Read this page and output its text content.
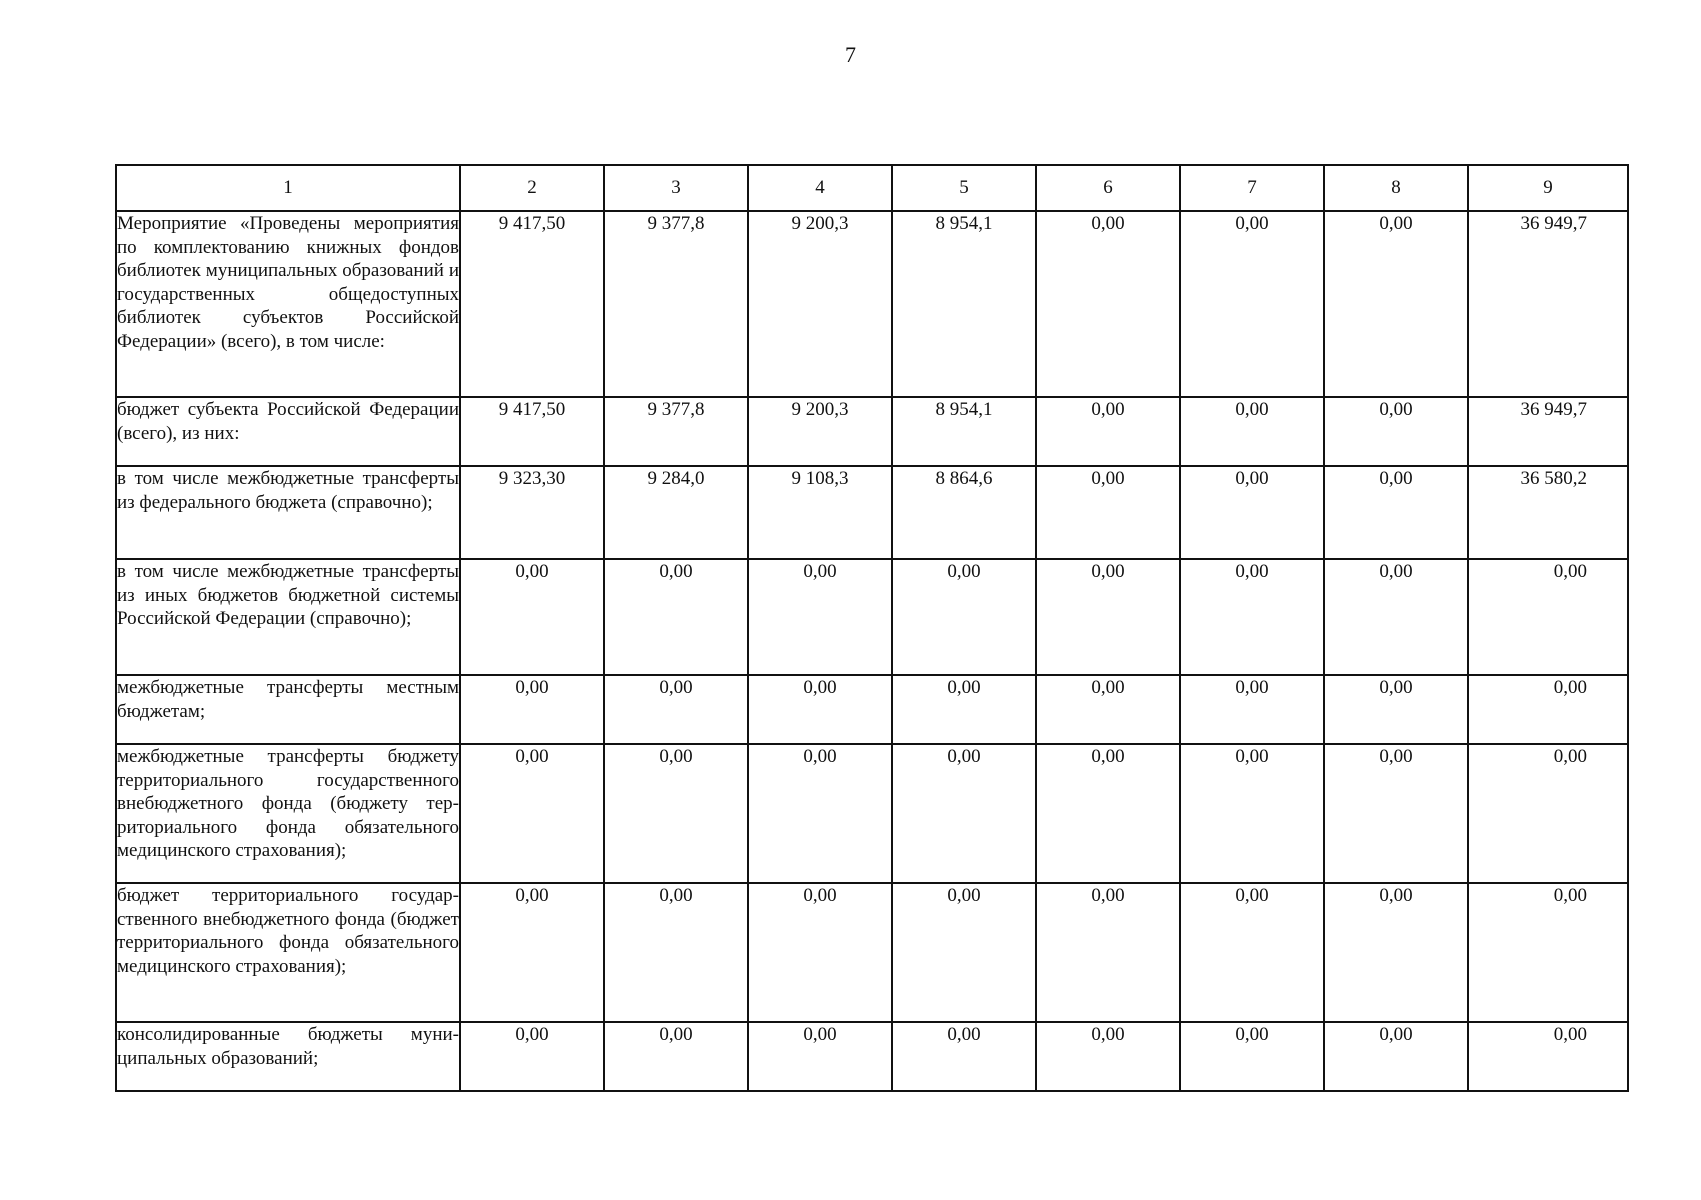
7
1	2	3	4	5	6	7	8	9
Мероприятие «Проведены мероприятия по комплектованию книжных фондов библиотек муниципальных образований и государственных общедоступных библиотек субъектов Российской Федерации» (всего), в том числе:	9 417,50	9 377,8	9 200,3	8 954,1	0,00	0,00	0,00	36 949,7
бюджет субъекта Российской Федерации (всего), из них:	9 417,50	9 377,8	9 200,3	8 954,1	0,00	0,00	0,00	36 949,7
в том числе межбюджетные трансферты из федерального бюджета (справочно);	9 323,30	9 284,0	9 108,3	8 864,6	0,00	0,00	0,00	36 580,2
в том числе межбюджетные трансферты из иных бюджетов бюджетной системы Российской Федерации (справочно);	0,00	0,00	0,00	0,00	0,00	0,00	0,00	0,00
межбюджетные трансферты местным бюджетам;	0,00	0,00	0,00	0,00	0,00	0,00	0,00	0,00
межбюджетные трансферты бюджету территориального государственного внебюджетного фонда (бюджету территориального фонда обязательного медицинского страхования);	0,00	0,00	0,00	0,00	0,00	0,00	0,00	0,00
бюджет территориального государственного внебюджетного фонда (бюджет территориального фонда обязательного медицинского страхования);	0,00	0,00	0,00	0,00	0,00	0,00	0,00	0,00
консолидированные бюджеты муниципальных образований;	0,00	0,00	0,00	0,00	0,00	0,00	0,00	0,00
